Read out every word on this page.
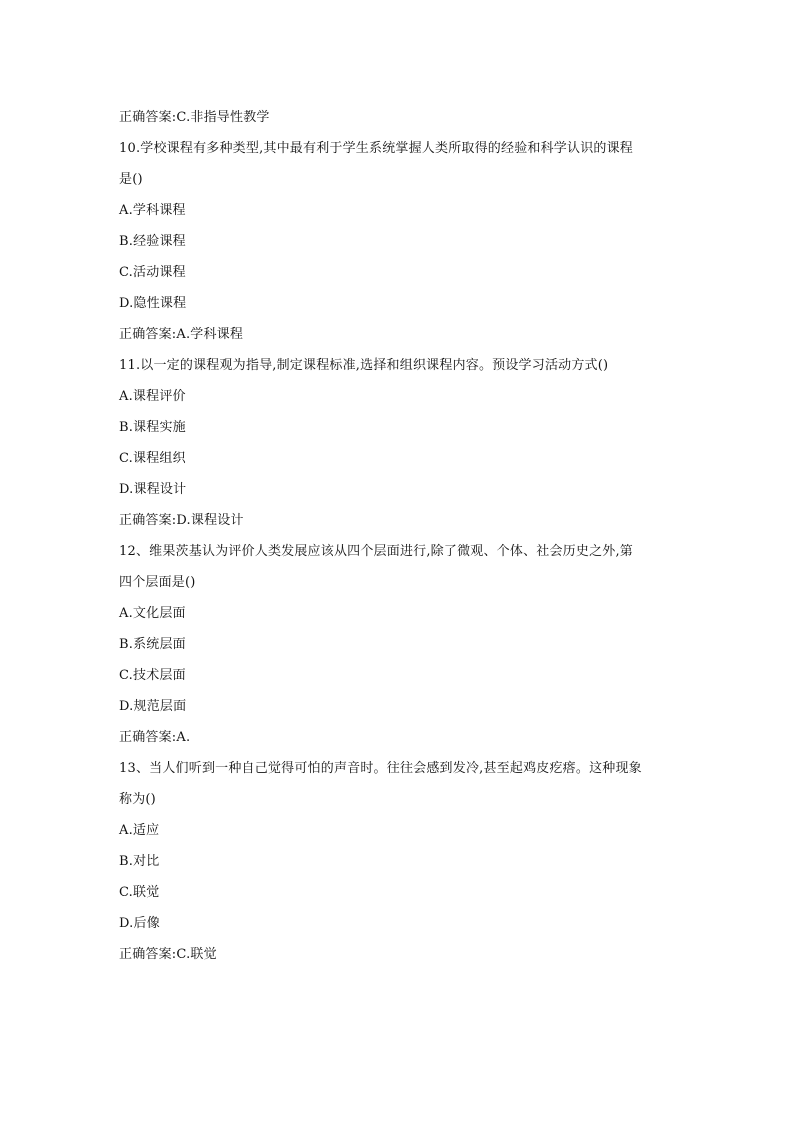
正确答案:C.非指导性教学
10.学校课程有多种类型,其中最有利于学生系统掌握人类所取得的经验和科学认识的课程
是()
A.学科课程
B.经验课程
C.活动课程
D.隐性课程
正确答案:A.学科课程
11.以一定的课程观为指导,制定课程标准,选择和组织课程内容。预设学习活动方式()
A.课程评价
B.课程实施
C.课程组织
D.课程设计
正确答案:D.课程设计
12、维果茨基认为评价人类发展应该从四个层面进行,除了微观、个体、社会历史之外,第
四个层面是()
A.文化层面
B.系统层面
C.技术层面
D.规范层面
正确答案:A.
13、当人们听到一种自己觉得可怕的声音时。往往会感到发冷,甚至起鸡皮疙瘩。这种现象
称为()
A.适应
B.对比
C.联觉
D.后像
正确答案:C.联觉
